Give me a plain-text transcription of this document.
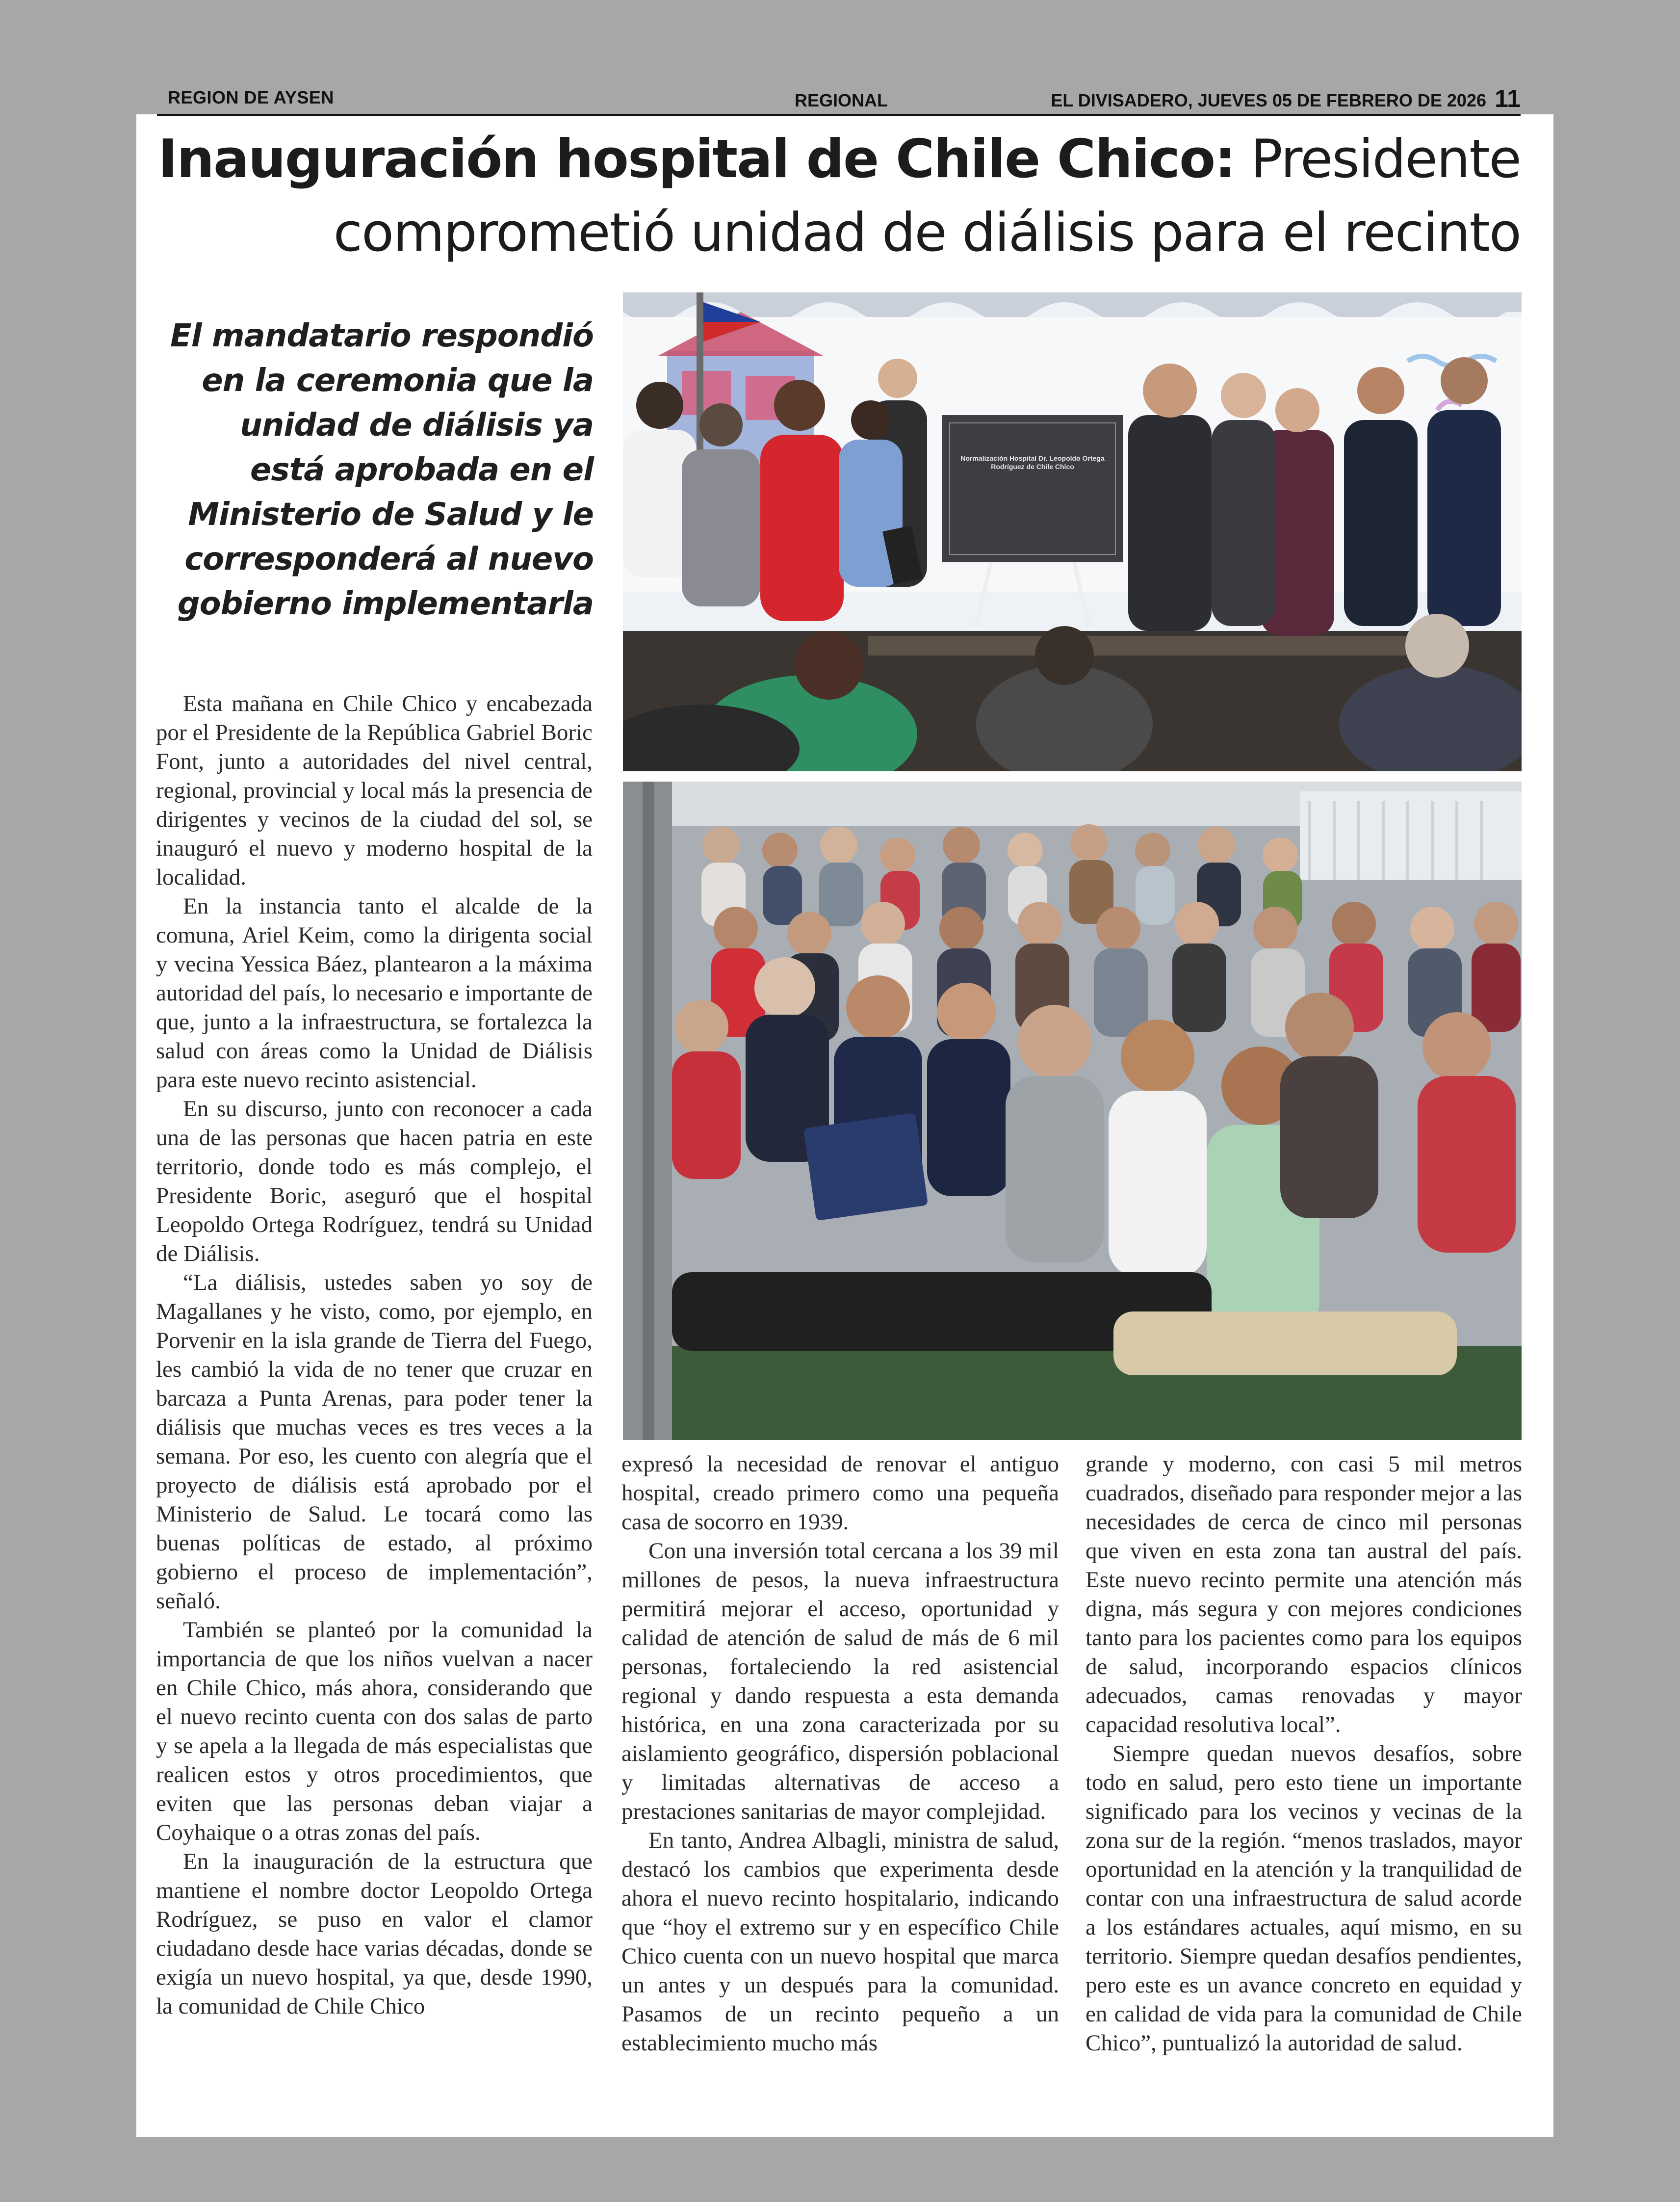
REGION DE AYSEN	REGIONAL	EL DIVISADERO, JUEVES 05 DE FEBRERO DE 2026 11
Inauguración hospital de Chile Chico: Presidente
comprometió unidad de diálisis para el recinto

El mandatario respondió en la ceremonia que la unidad de diálisis ya está aprobada en el Ministerio de Salud y le corresponderá al nuevo gobierno implementarla

Esta mañana en Chile Chico y encabezada por el Presidente de la República Gabriel Boric Font, junto a autoridades del nivel central, regional, provincial y local más la presencia de dirigentes y vecinos de la ciudad del sol, se inauguró el nuevo y moderno hospital de la localidad.

En la instancia tanto el alcalde de la comuna, Ariel Keim, como la dirigenta social y vecina Yessica Báez, plantearon a la máxima autoridad del país, lo necesario e importante de que, junto a la infraestructura, se fortalezca la salud con áreas como la Unidad de Diálisis para este nuevo recinto asistencial.

En su discurso, junto con reconocer a cada una de las personas que hacen patria en este territorio, donde todo es más complejo, el Presidente Boric, aseguró que el hospital Leopoldo Ortega Rodríguez, tendrá su Unidad de Diálisis.

“La diálisis, ustedes saben yo soy de Magallanes y he visto, como, por ejemplo, en Porvenir en la isla grande de Tierra del Fuego, les cambió la vida de no tener que cruzar en barcaza a Punta Arenas, para poder tener la diálisis que muchas veces es tres veces a la semana. Por eso, les cuento con alegría que el proyecto de diálisis está aprobado por el Ministerio de Salud. Le tocará como las buenas políticas de estado, al próximo gobierno el proceso de implementación”, señaló.

También se planteó por la comunidad la importancia de que los niños vuelvan a nacer en Chile Chico, más ahora, considerando que el nuevo recinto cuenta con dos salas de parto y se apela a la llegada de más especialistas que realicen estos y otros procedimientos, que eviten que las personas deban viajar a Coyhaique o a otras zonas del país.

En la inauguración de la estructura que mantiene el nombre doctor Leopoldo Ortega Rodríguez, se puso en valor el clamor ciudadano desde hace varias décadas, donde se exigía un nuevo hospital, ya que, desde 1990, la comunidad de Chile Chico

expresó la necesidad de renovar el antiguo hospital, creado primero como una pequeña casa de socorro en 1939.

Con una inversión total cercana a los 39 mil millones de pesos, la nueva infraestructura permitirá mejorar el acceso, oportunidad y calidad de atención de salud de más de 6 mil personas, fortaleciendo la red asistencial regional y dando respuesta a esta demanda histórica, en una zona caracterizada por su aislamiento geográfico, dispersión poblacional y limitadas alternativas de acceso a prestaciones sanitarias de mayor complejidad.

En tanto, Andrea Albagli, ministra de salud, destacó los cambios que experimenta desde ahora el nuevo recinto hospitalario, indicando que “hoy el extremo sur y en específico Chile Chico cuenta con un nuevo hospital que marca un antes y un después para la comunidad. Pasamos de un recinto pequeño a un establecimiento mucho más

grande y moderno, con casi 5 mil metros cuadrados, diseñado para responder mejor a las necesidades de cerca de cinco mil personas que viven en esta zona tan austral del país. Este nuevo recinto permite una atención más digna, más segura y con mejores condiciones tanto para los pacientes como para los equipos de salud, incorporando espacios clínicos adecuados, camas renovadas y mayor capacidad resolutiva local”.

Siempre quedan nuevos desafíos, sobre todo en salud, pero esto tiene un importante significado para los vecinos y vecinas de la zona sur de la región. “menos traslados, mayor oportunidad en la atención y la tranquilidad de contar con una infraestructura de salud acorde a los estándares actuales, aquí mismo, en su territorio. Siempre quedan desafíos pendientes, pero este es un avance concreto en equidad y en calidad de vida para la comunidad de Chile Chico”, puntualizó la autoridad de salud.

Normalización Hospital Dr. Leopoldo Ortega Rodríguez de Chile Chico
